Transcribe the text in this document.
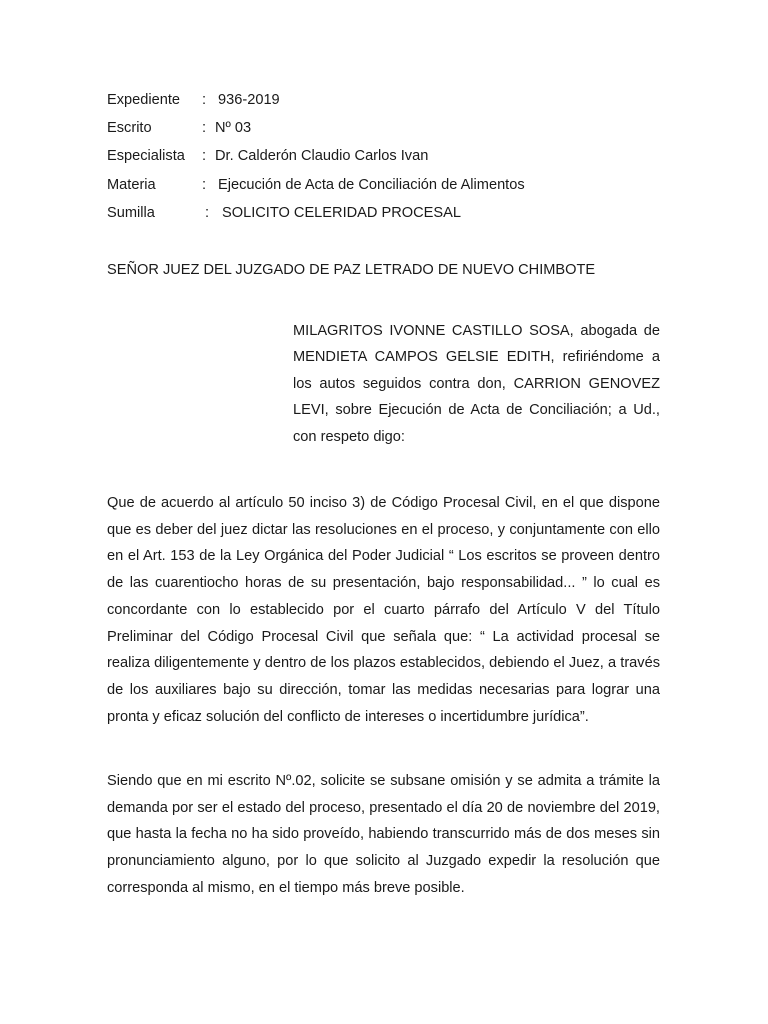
Expediente : 936-2019
Escrito	: Nº 03
Especialista : Dr. Calderón Claudio Carlos Ivan
Materia	: Ejecución de Acta de Conciliación de Alimentos
Sumilla	: SOLICITO CELERIDAD PROCESAL
SEÑOR JUEZ DEL JUZGADO DE PAZ LETRADO DE NUEVO CHIMBOTE
MILAGRITOS IVONNE CASTILLO SOSA, abogada de MENDIETA CAMPOS GELSIE EDITH, refiriéndome a los autos seguidos contra don, CARRION GENOVEZ LEVI, sobre Ejecución de Acta de Conciliación; a Ud., con respeto digo:
Que de acuerdo al artículo 50 inciso 3) de Código Procesal Civil, en el que dispone que es deber del juez dictar las resoluciones en el proceso, y conjuntamente con ello en el Art. 153 de la Ley Orgánica del Poder Judicial “ Los escritos se proveen dentro de las cuarentiocho horas de su presentación, bajo responsabilidad... ” lo cual es concordante con lo establecido por el cuarto párrafo del Artículo V del Título Preliminar del Código Procesal Civil que señala que: “ La actividad procesal se realiza diligentemente y dentro de los plazos establecidos, debiendo el Juez, a través de los auxiliares bajo su dirección, tomar las medidas necesarias para lograr una pronta y eficaz solución del conflicto de intereses o incertidumbre jurídica”.
Siendo que en mi escrito Nº.02, solicite se subsane omisión y se admita a trámite la demanda por ser el estado del proceso, presentado el día 20 de noviembre del 2019, que hasta la fecha no ha sido proveído, habiendo transcurrido más de dos meses sin pronunciamiento alguno, por lo que solicito al Juzgado expedir la resolución que corresponda al mismo, en el tiempo más breve posible.
